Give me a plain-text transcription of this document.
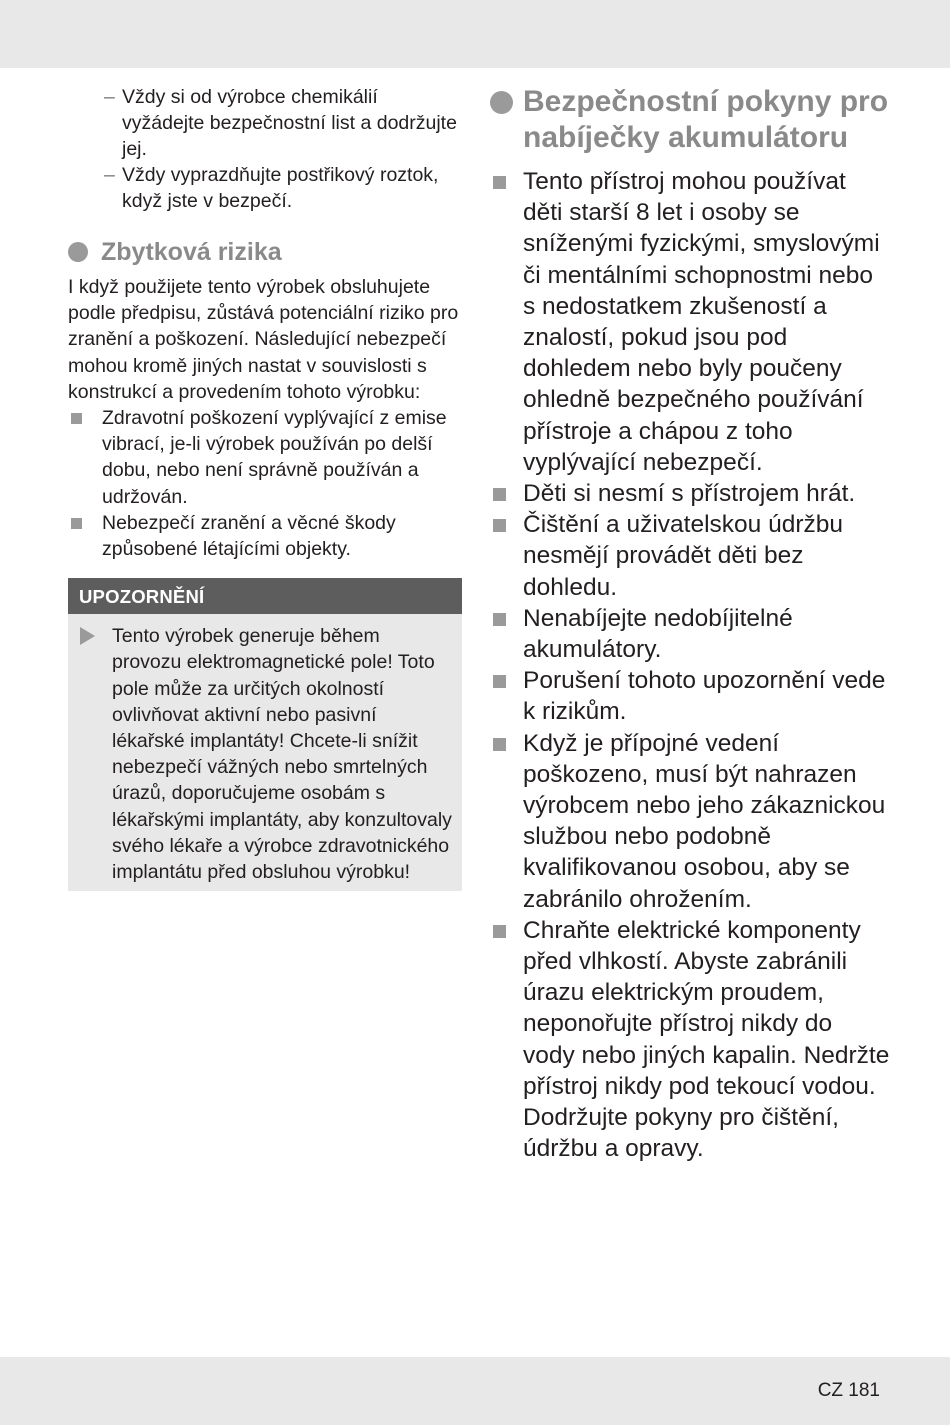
– Vždy si od výrobce chemikálií vyžádejte bezpečnostní list a dodržujte jej.
– Vždy vyprazdňujte postřikový roztok, když jste v bezpečí.
Zbytková rizika
I když použijete tento výrobek obsluhujete podle předpisu, zůstává potenciální riziko pro zranění a poškození. Následující nebezpečí mohou kromě jiných nastat v souvislosti s konstrukcí a provedením tohoto výrobku:
Zdravotní poškození vyplývající z emise vibrací, je-li výrobek používán po delší dobu, nebo není správně používán a udržován.
Nebezpečí zranění a věcné škody způsobené létajícími objekty.
UPOZORNĚNÍ
Tento výrobek generuje během provozu elektromagnetické pole! Toto pole může za určitých okolností ovlivňovat aktivní nebo pasivní lékařské implantáty! Chcete-li snížit nebezpečí vážných nebo smrtelných úrazů, doporučujeme osobám s lékařskými implantáty, aby konzultovaly svého lékaře a výrobce zdravotnického implantátu před obsluhou výrobku!
Bezpečnostní pokyny pro nabíječky akumulátoru
Tento přístroj mohou používat děti starší 8 let i osoby se sníženými fyzickými, smyslovými či mentálními schopnostmi nebo s nedostatkem zkušeností a znalostí, pokud jsou pod dohledem nebo byly poučeny ohledně bezpečného používání přístroje a chápou z toho vyplývající nebezpečí.
Děti si nesmí s přístrojem hrát.
Čištění a uživatelskou údržbu nesmějí provádět děti bez dohledu.
Nenabíjejte nedobíjitelné akumulátory.
Porušení tohoto upozornění vede k rizikům.
Když je přípojné vedení poškozeno, musí být nahrazen výrobcem nebo jeho zákaznickou službou nebo podobně kvalifikovanou osobou, aby se zabránilo ohrožením.
Chraňte elektrické komponenty před vlhkostí. Abyste zabránili úrazu elektrickým proudem, neponořujte přístroj nikdy do vody nebo jiných kapalin. Nedržte přístroj nikdy pod tekoucí vodou. Dodržujte pokyny pro čištění, údržbu a opravy.
CZ 181
